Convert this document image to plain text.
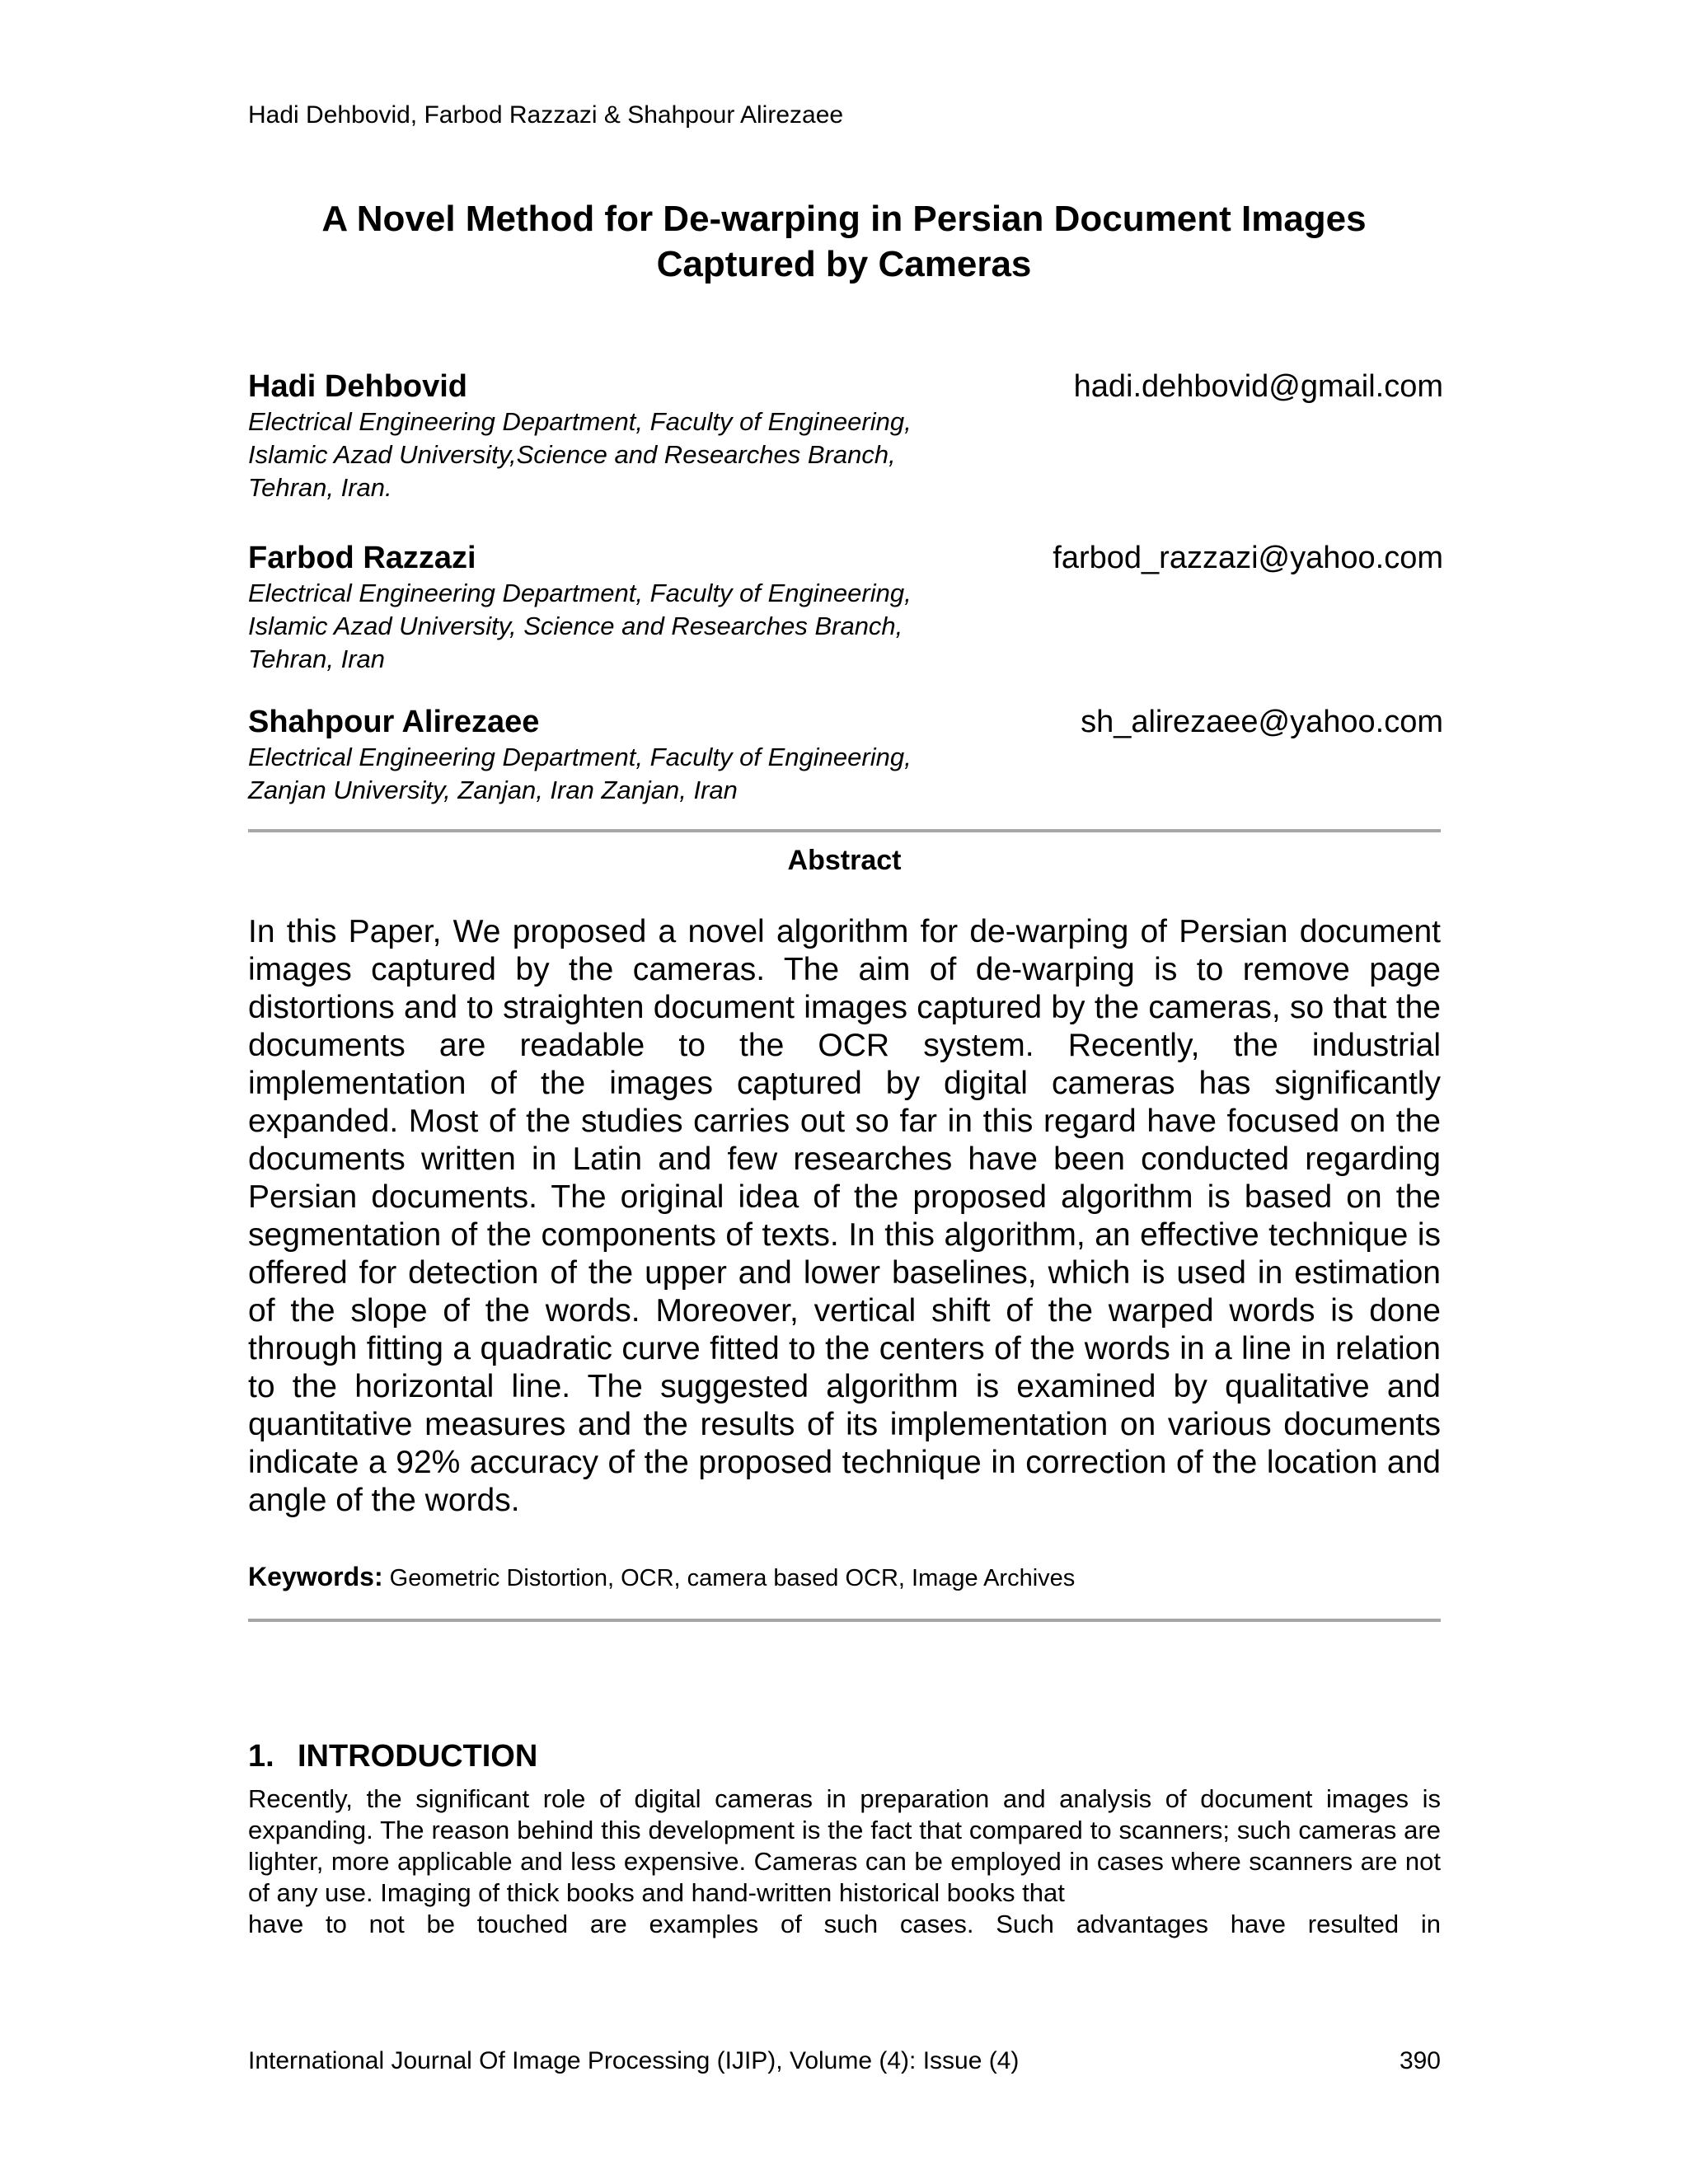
Hadi Dehbovid, Farbod Razzazi & Shahpour Alirezaee
A Novel Method for De-warping in Persian Document Images
Captured by Cameras
Hadi Dehbovid	hadi.dehbovid@gmail.com
Electrical Engineering Department, Faculty of Engineering,
Islamic Azad University,Science and Researches Branch,
Tehran, Iran.
Farbod Razzazi	farbod_razzazi@yahoo.com
Electrical Engineering Department, Faculty of Engineering,
Islamic Azad University, Science and Researches Branch,
Tehran, Iran
Shahpour Alirezaee	sh_alirezaee@yahoo.com
Electrical Engineering Department, Faculty of Engineering,
Zanjan University, Zanjan, Iran Zanjan, Iran
Abstract
In this Paper, We proposed a novel algorithm for de-warping of Persian document images captured by the cameras. The aim of de-warping is to remove page distortions and to straighten document images captured by the cameras, so that the documents are readable to the OCR system. Recently, the industrial implementation of the images captured by digital cameras has significantly expanded. Most of the studies carries out so far in this regard have focused on the documents written in Latin and few researches have been conducted regarding Persian documents. The original idea of the proposed algorithm is based on the segmentation of the components of texts. In this algorithm, an effective technique is offered for detection of the upper and lower baselines, which is used in estimation of the slope of the words. Moreover, vertical shift of the warped words is done through fitting a quadratic curve fitted to the centers of the words in a line in relation to the horizontal line. The suggested algorithm is examined by qualitative and quantitative measures and the results of its implementation on various documents indicate a 92% accuracy of the proposed technique in correction of the location and angle of the words.
Keywords: Geometric Distortion, OCR, camera based OCR, Image Archives
1. INTRODUCTION
Recently, the significant role of digital cameras in preparation and analysis of document images is expanding. The reason behind this development is the fact that compared to scanners; such cameras are lighter, more applicable and less expensive. Cameras can be employed in cases where scanners are not of any use. Imaging of thick books and hand-written historical books that
have to not be touched are examples of such cases. Such advantages have resulted in
International Journal Of Image Processing (IJIP), Volume (4): Issue (4)	390
